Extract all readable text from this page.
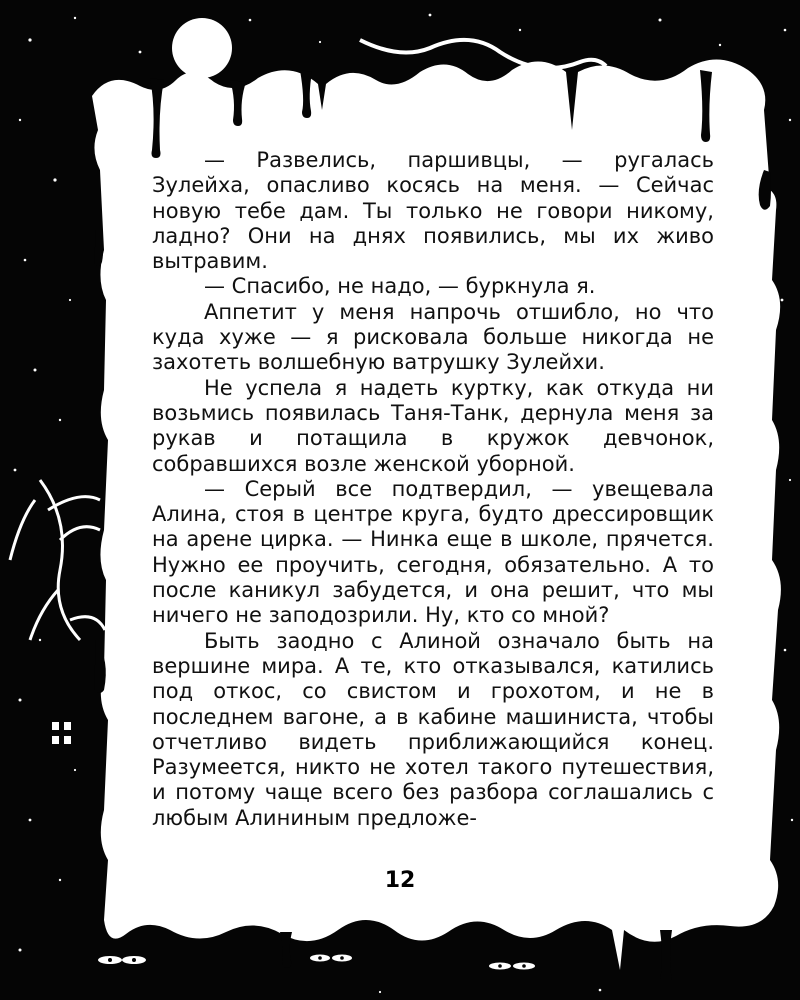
— Развелись, паршивцы, — ругалась Зулейха, опасливо косясь на меня. — Сейчас новую тебе дам. Ты только не говори никому, ладно? Они на днях появились, мы их живо вытравим.

— Спасибо, не надо, — буркнула я.

Аппетит у меня напрочь отшибло, но что куда хуже — я рисковала больше никогда не захотеть волшебную ватрушку Зулейхи.

Не успела я надеть куртку, как откуда ни возьмись появилась Таня-Танк, дернула меня за рукав и потащила в кружок девчонок, собравшихся возле женской уборной.

— Серый все подтвердил, — увещевала Алина, стоя в центре круга, будто дрессировщик на арене цирка. — Нинка еще в школе, прячется. Нужно ее проучить, сегодня, обязательно. А то после каникул забудется, и она решит, что мы ничего не заподозрили. Ну, кто со мной?

Быть заодно с Алиной означало быть на вершине мира. А те, кто отказывался, катились под откос, со свистом и грохотом, и не в последнем вагоне, а в кабине машиниста, чтобы отчетливо видеть приближающийся конец. Разумеется, никто не хотел такого путешествия, и потому чаще всего без разбора соглашались с любым Алининым предложе-

12
